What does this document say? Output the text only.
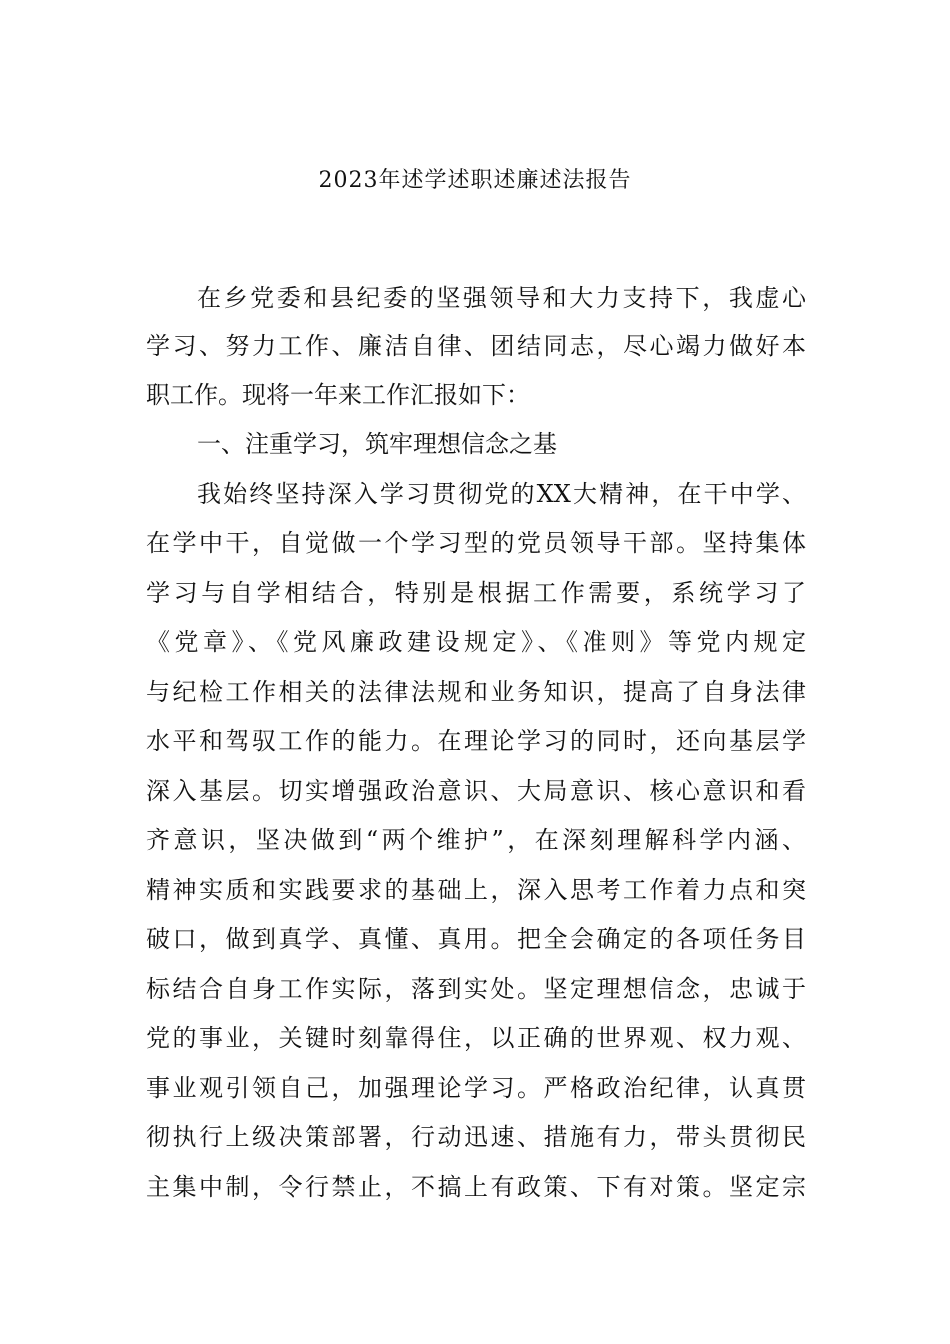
2023年述学述职述廉述法报告
在乡党委和县纪委的坚强领导和大力支持下，我虚心
学习、努力工作、廉洁自律、团结同志，尽心竭力做好本
职工作。现将一年来工作汇报如下：
一、注重学习，筑牢理想信念之基
我始终坚持深入学习贯彻党的XX大精神，在干中学、
在学中干，自觉做一个学习型的党员领导干部。坚持集体
学习与自学相结合，特别是根据工作需要，系统学习了
《党章》、《党风廉政建设规定》、《准则》等党内规定
与纪检工作相关的法律法规和业务知识，提高了自身法律
水平和驾驭工作的能力。在理论学习的同时，还向基层学
深入基层。切实增强政治意识、大局意识、核心意识和看
齐意识，坚决做到“两个维护”，在深刻理解科学内涵、
精神实质和实践要求的基础上，深入思考工作着力点和突
破口，做到真学、真懂、真用。把全会确定的各项任务目
标结合自身工作实际，落到实处。坚定理想信念，忠诚于
党的事业，关键时刻靠得住，以正确的世界观、权力观、
事业观引领自己，加强理论学习。严格政治纪律，认真贯
彻执行上级决策部署，行动迅速、措施有力，带头贯彻民
主集中制，令行禁止，不搞上有政策、下有对策。坚定宗
